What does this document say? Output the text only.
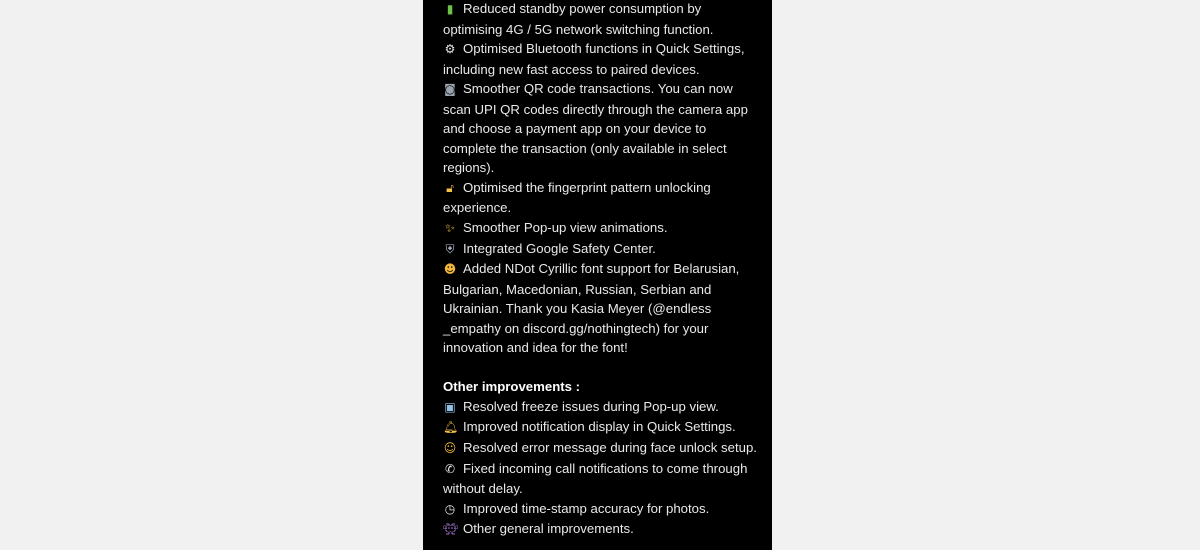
▮ Reduced standby power consumption by optimising 4G / 5G network switching function.
⚙ Optimised Bluetooth functions in Quick Settings, including new fast access to paired devices.
◙ Smoother QR code transactions. You can now scan UPI QR codes directly through the camera app and choose a payment app on your device to complete the transaction (only available in select regions).
🔓︎ Optimised the fingerprint pattern unlocking experience.
✨︎ Smoother Pop-up view animations.
⛨ Integrated Google Safety Center.
☻ Added NDot Cyrillic font support for Belarusian, Bulgarian, Macedonian, Russian, Serbian and Ukrainian. Thank you Kasia Meyer (@endless _empathy on discord.gg/nothingtech) for your innovation and idea for the font!
Other improvements :
▣ Resolved freeze issues during Pop-up view.
🔔︎ Improved notification display in Quick Settings.
☺ Resolved error message during face unlock setup.
✆ Fixed incoming call notifications to come through without delay.
◷ Improved time-stamp accuracy for photos.
👾︎ Other general improvements.
